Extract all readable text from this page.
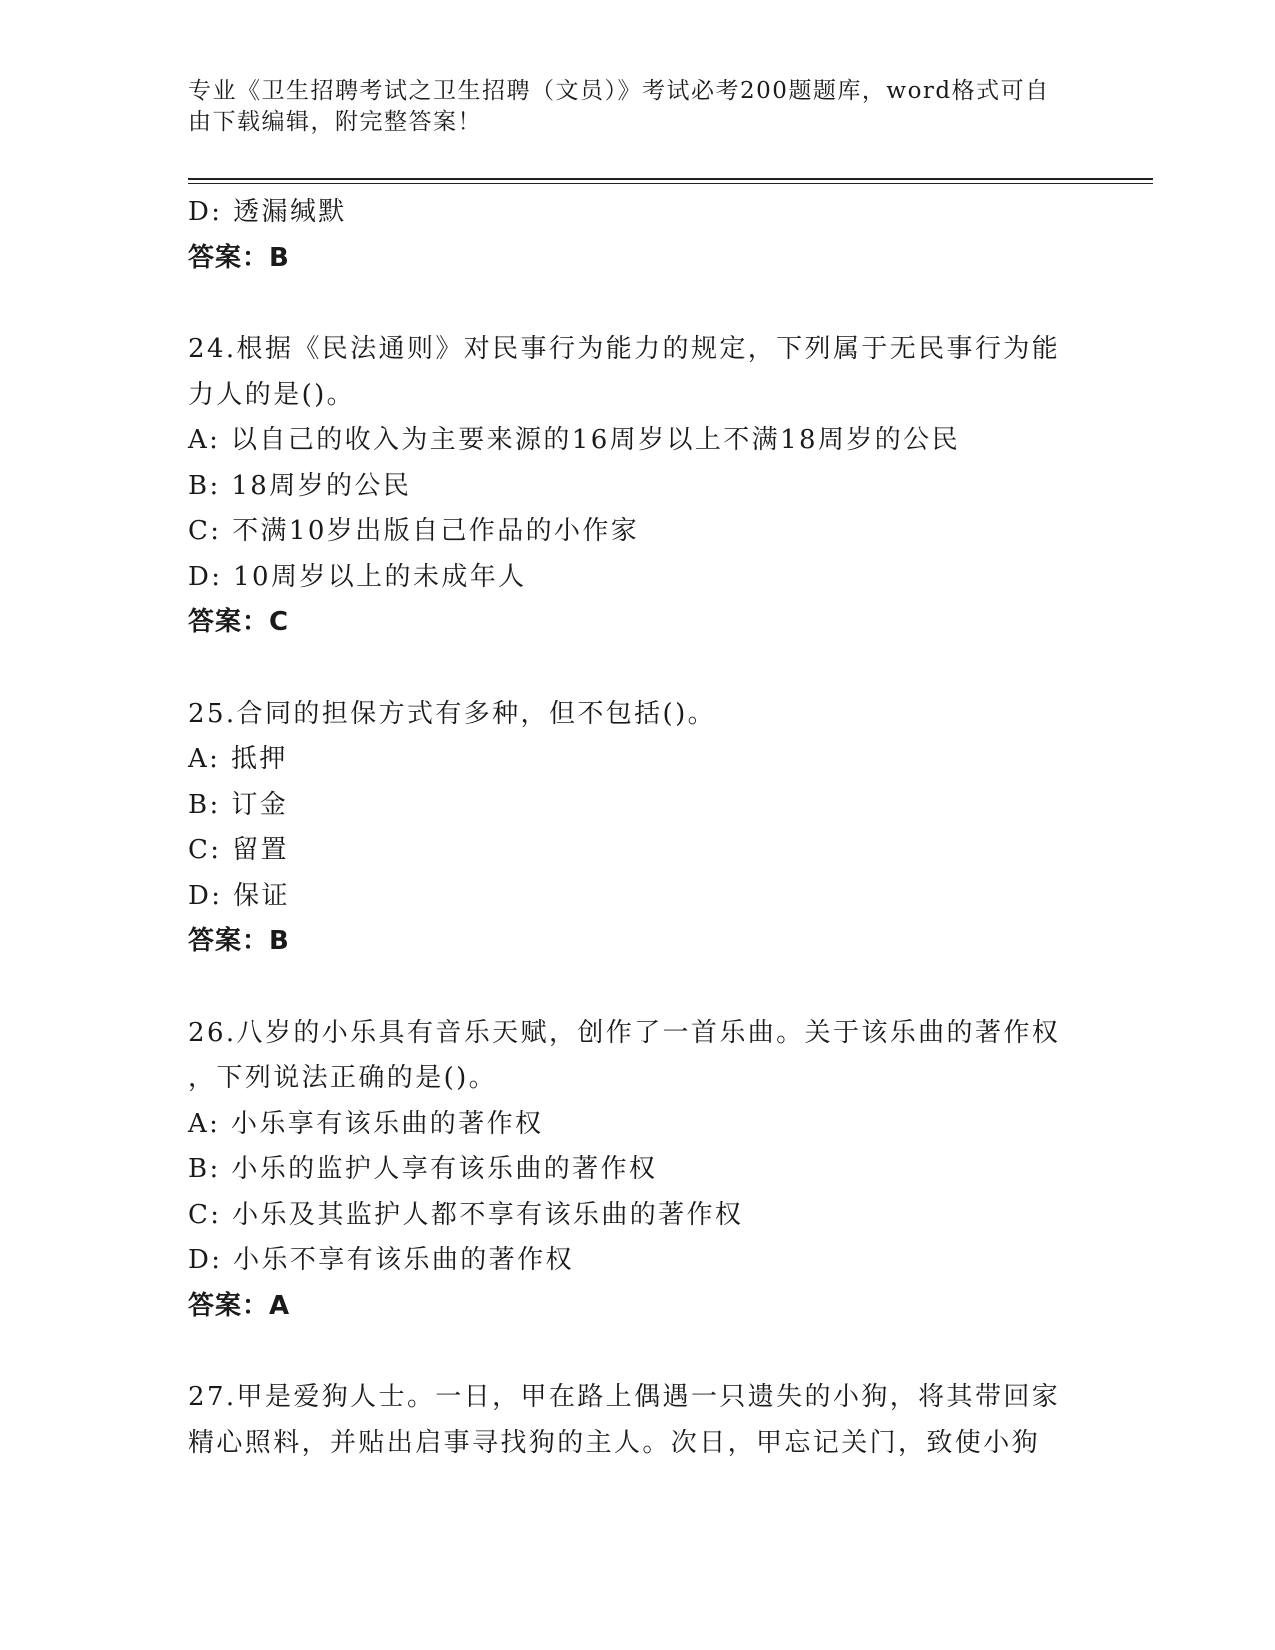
专业《卫生招聘考试之卫生招聘（文员）》考试必考200题题库，word格式可自
由下载编辑，附完整答案！
D: 透漏缄默
答案：B
24.根据《民法通则》对民事行为能力的规定，下列属于无民事行为能
力人的是()。
A: 以自己的收入为主要来源的16周岁以上不满18周岁的公民
B: 18周岁的公民
C: 不满10岁出版自己作品的小作家
D: 10周岁以上的未成年人
答案：C
25.合同的担保方式有多种，但不包括()。
A: 抵押
B: 订金
C: 留置
D: 保证
答案：B
26.八岁的小乐具有音乐天赋，创作了一首乐曲。关于该乐曲的著作权
，下列说法正确的是()。
A: 小乐享有该乐曲的著作权
B: 小乐的监护人享有该乐曲的著作权
C: 小乐及其监护人都不享有该乐曲的著作权
D: 小乐不享有该乐曲的著作权
答案：A
27.甲是爱狗人士。一日，甲在路上偶遇一只遗失的小狗，将其带回家
精心照料，并贴出启事寻找狗的主人。次日，甲忘记关门，致使小狗
